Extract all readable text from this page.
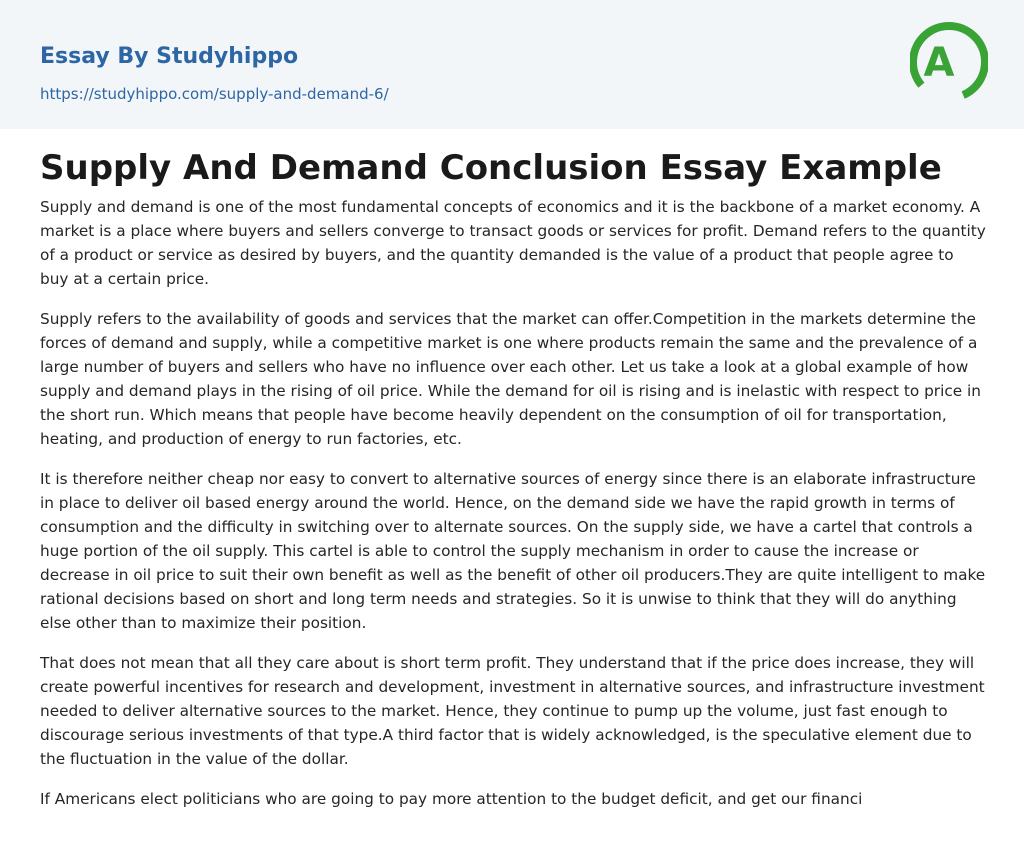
Essay By Studyhippo
https://studyhippo.com/supply-and-demand-6/
A
Supply And Demand Conclusion Essay Example

Supply and demand is one of the most fundamental concepts of economics and it is the backbone of a market economy. A market is a place where buyers and sellers converge to transact goods or services for profit. Demand refers to the quantity of a product or service as desired by buyers, and the quantity demanded is the value of a product that people agree to buy at a certain price.

Supply refers to the availability of goods and services that the market can offer.Competition in the markets determine the forces of demand and supply, while a competitive market is one where products remain the same and the prevalence of a large number of buyers and sellers who have no influence over each other. Let us take a look at a global example of how supply and demand plays in the rising of oil price. While the demand for oil is rising and is inelastic with respect to price in the short run. Which means that people have become heavily dependent on the consumption of oil for transportation, heating, and production of energy to run factories, etc.

It is therefore neither cheap nor easy to convert to alternative sources of energy since there is an elaborate infrastructure in place to deliver oil based energy around the world. Hence, on the demand side we have the rapid growth in terms of consumption and the difficulty in switching over to alternate sources. On the supply side, we have a cartel that controls a huge portion of the oil supply. This cartel is able to control the supply mechanism in order to cause the increase or decrease in oil price to suit their own benefit as well as the benefit of other oil producers.They are quite intelligent to make rational decisions based on short and long term needs and strategies. So it is unwise to think that they will do anything else other than to maximize their position.

That does not mean that all they care about is short term profit. They understand that if the price does increase, they will create powerful incentives for research and development, investment in alternative sources, and infrastructure investment needed to deliver alternative sources to the market. Hence, they continue to pump up the volume, just fast enough to discourage serious investments of that type.A third factor that is widely acknowledged, is the speculative element due to the fluctuation in the value of the dollar.

If Americans elect politicians who are going to pay more attention to the budget deficit, and get our financi
